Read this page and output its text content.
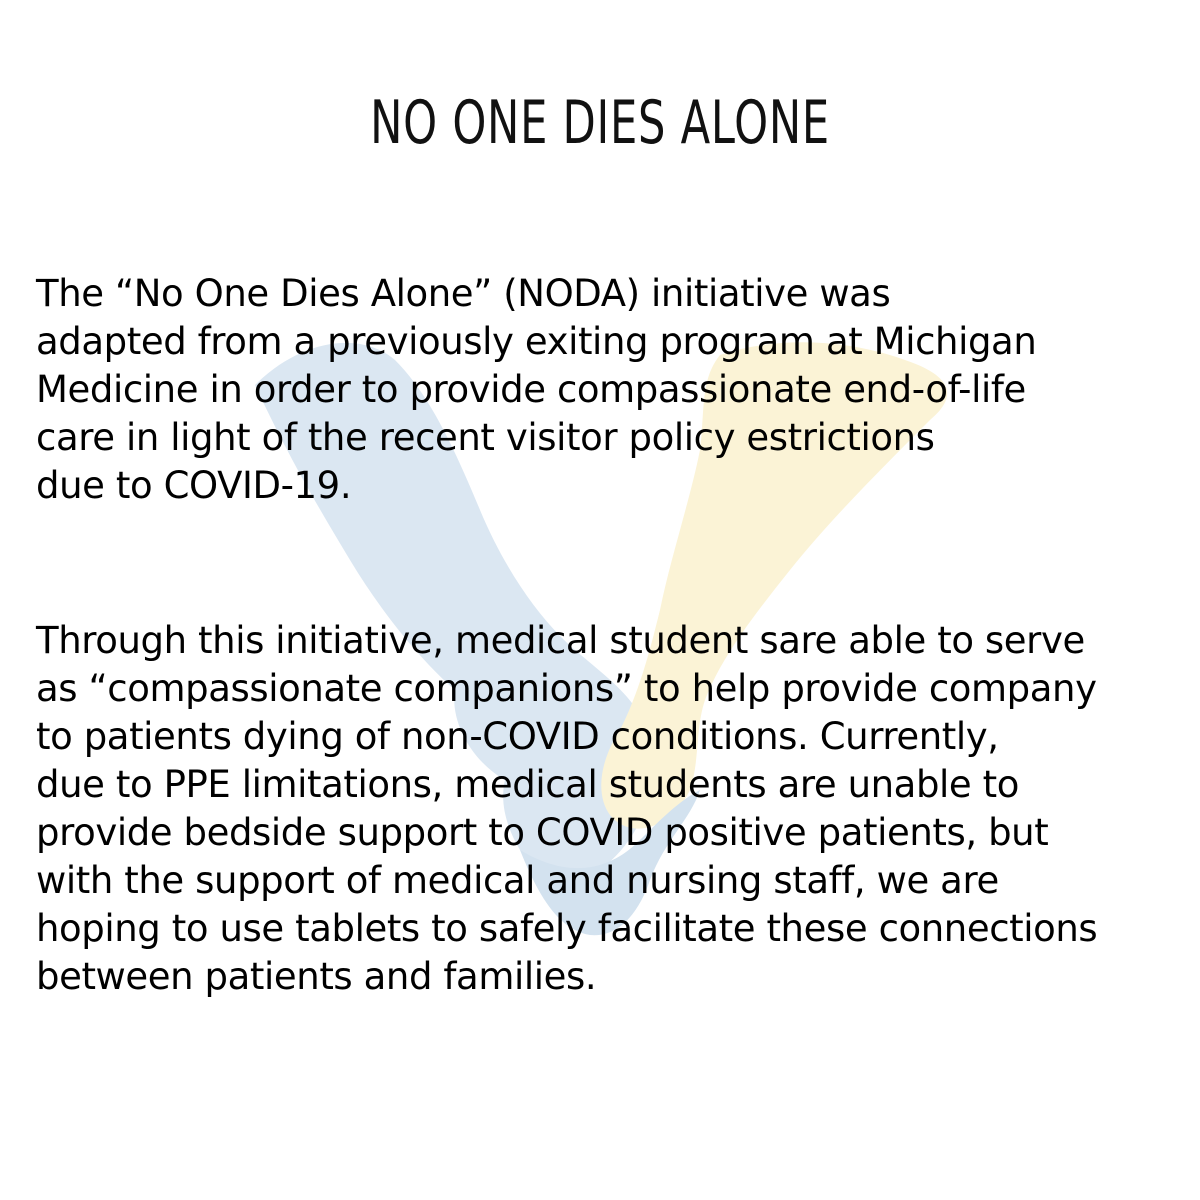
NO ONE DIES ALONE
The “No One Dies Alone” (NODA) initiative was
adapted from a previously exiting program at Michigan
Medicine in order to provide compassionate end-of-life
care in light of the recent visitor policy estrictions
due to COVID-19.
Through this initiative, medical student sare able to serve
as “compassionate companions” to help provide company
to patients dying of non-COVID conditions. Currently,
due to PPE limitations, medical students are unable to
provide bedside support to COVID positive patients, but
with the support of medical and nursing staff, we are
hoping to use tablets to safely facilitate these connections
between patients and families.
